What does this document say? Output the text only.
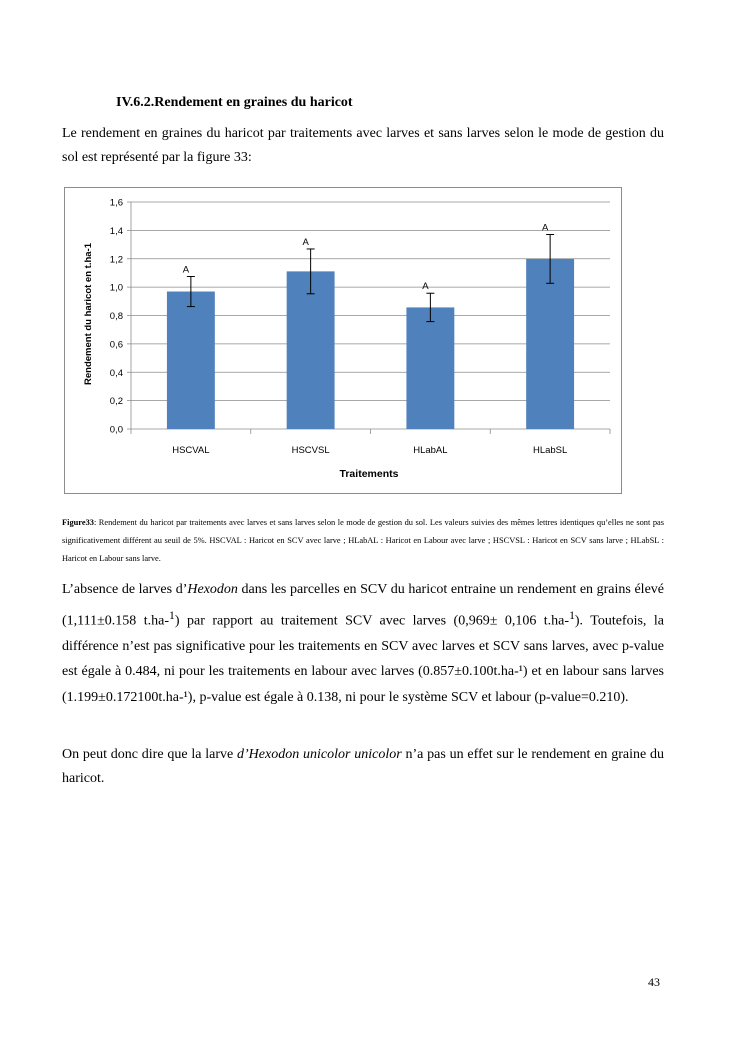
IV.6.2.Rendement en graines du haricot

Le rendement en graines du haricot par traitements avec larves et sans larves selon le mode de gestion du sol est représenté par la figure 33:

A
A
A
A
0,0
0,2
0,4
0,6
0,8
1,0
1,2
1,4
1,6
HSCVAL	HSCVSL	HLabAL	HLabSL
Traitements
Rendement du haricot en t.ha-1

Figure33: Rendement du haricot par traitements avec larves et sans larves selon le mode de gestion du sol. Les valeurs suivies des mêmes lettres identiques qu’elles ne sont pas significativement différent au seuil de 5%. HSCVAL : Haricot en SCV avec larve ; HLabAL : Haricot en Labour avec larve ; HSCVSL : Haricot en SCV sans larve ; HLabSL : Haricot en Labour sans larve.

L’absence de larves d’Hexodon dans les parcelles en SCV du haricot entraine un rendement en grains élevé (1,111±0.158 t.ha-$^1$) par rapport au traitement SCV avec larves (0,969± 0,106 t.ha-$^1$). Toutefois, la différence n’est pas significative pour les traitements en SCV avec larves et SCV sans larves, avec p-value est égale à 0.484, ni pour les traitements en labour avec larves (0.857±0.100t.ha-¹) et en labour sans larves (1.199±0.172100t.ha-¹), p-value est égale à 0.138, ni pour le système SCV et labour (p-value=0.210).

On peut donc dire que la larve d’Hexodon unicolor unicolor n’a pas un effet sur le rendement en graine du haricot.

43
